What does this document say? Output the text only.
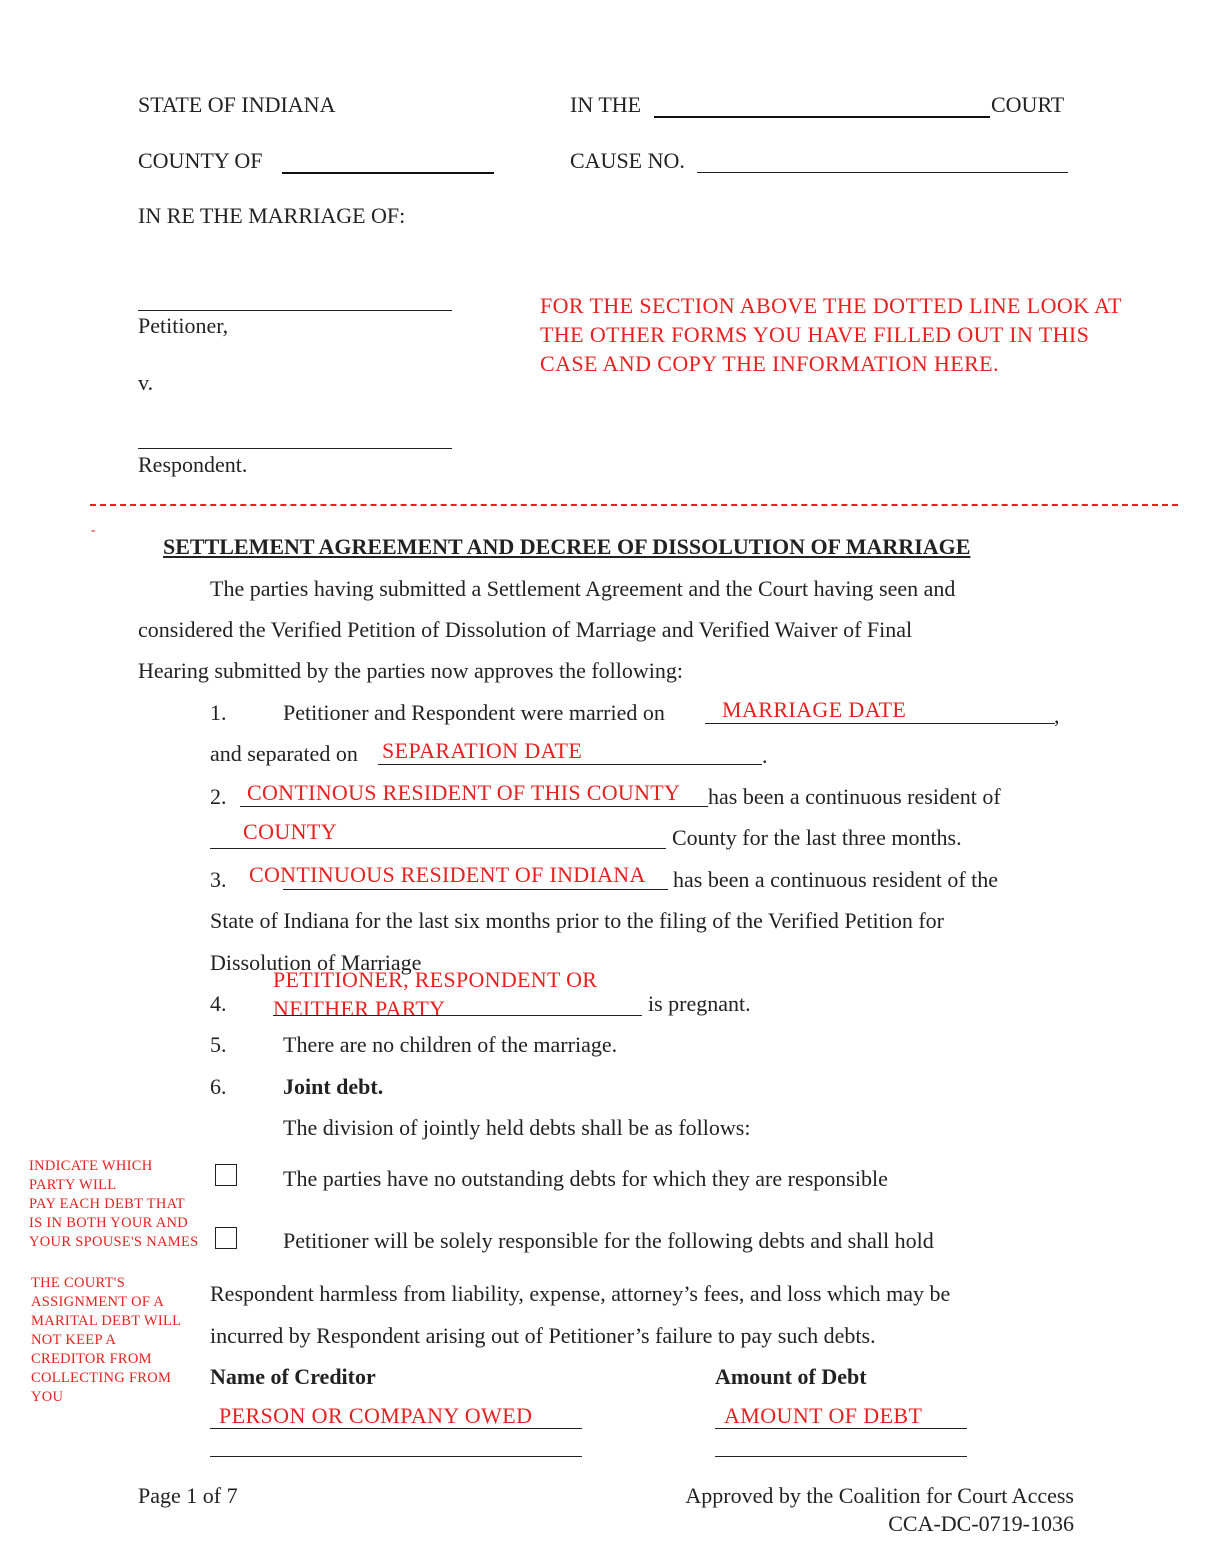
STATE OF INDIANA	IN THE	COURT
COUNTY OF	CAUSE NO.
IN RE THE MARRIAGE OF:
Petitioner,
v.
Respondent.
FOR THE SECTION ABOVE THE DOTTED LINE LOOK AT
THE OTHER FORMS YOU HAVE FILLED OUT IN THIS
CASE AND COPY THE INFORMATION HERE.
-
SETTLEMENT AGREEMENT AND DECREE OF DISSOLUTION OF MARRIAGE
The parties having submitted a Settlement Agreement and the Court having seen and
considered the Verified Petition of Dissolution of Marriage and Verified Waiver of Final
Hearing submitted by the parties now approves the following:
1.	Petitioner and Respondent were married on	MARRIAGE DATE	,
and separated on SEPARATION DATE	.
2. CONTINOUS RESIDENT OF THIS COUNTY has been a continuous resident of
COUNTY	County for the last three months.
3. CONTINUOUS RESIDENT OF INDIANA has been a continuous resident of the
State of Indiana for the last six months prior to the filing of the Verified Petition for
Dissolution of Marriage
4.
PETITIONER, RESPONDENT OR
NEITHER PARTY	is pregnant.
5.	There are no children of the marriage.
6.	Joint debt.
The division of jointly held debts shall be as follows:
INDICATE WHICH
PARTY WILL
PAY EACH DEBT THAT
IS IN BOTH YOUR AND
YOUR SPOUSE'S NAMES
THE COURT'S
ASSIGNMENT OF A
MARITAL DEBT WILL
NOT KEEP A
CREDITOR FROM
COLLECTING FROM
YOU
The parties have no outstanding debts for which they are responsible
Petitioner will be solely responsible for the following debts and shall hold
Respondent harmless from liability, expense, attorney’s fees, and loss which may be
incurred by Respondent arising out of Petitioner’s failure to pay such debts.
Name of Creditor	Amount of Debt
PERSON OR COMPANY OWED	AMOUNT OF DEBT
Page 1 of 7	Approved by the Coalition for Court Access
CCA-DC-0719-1036
